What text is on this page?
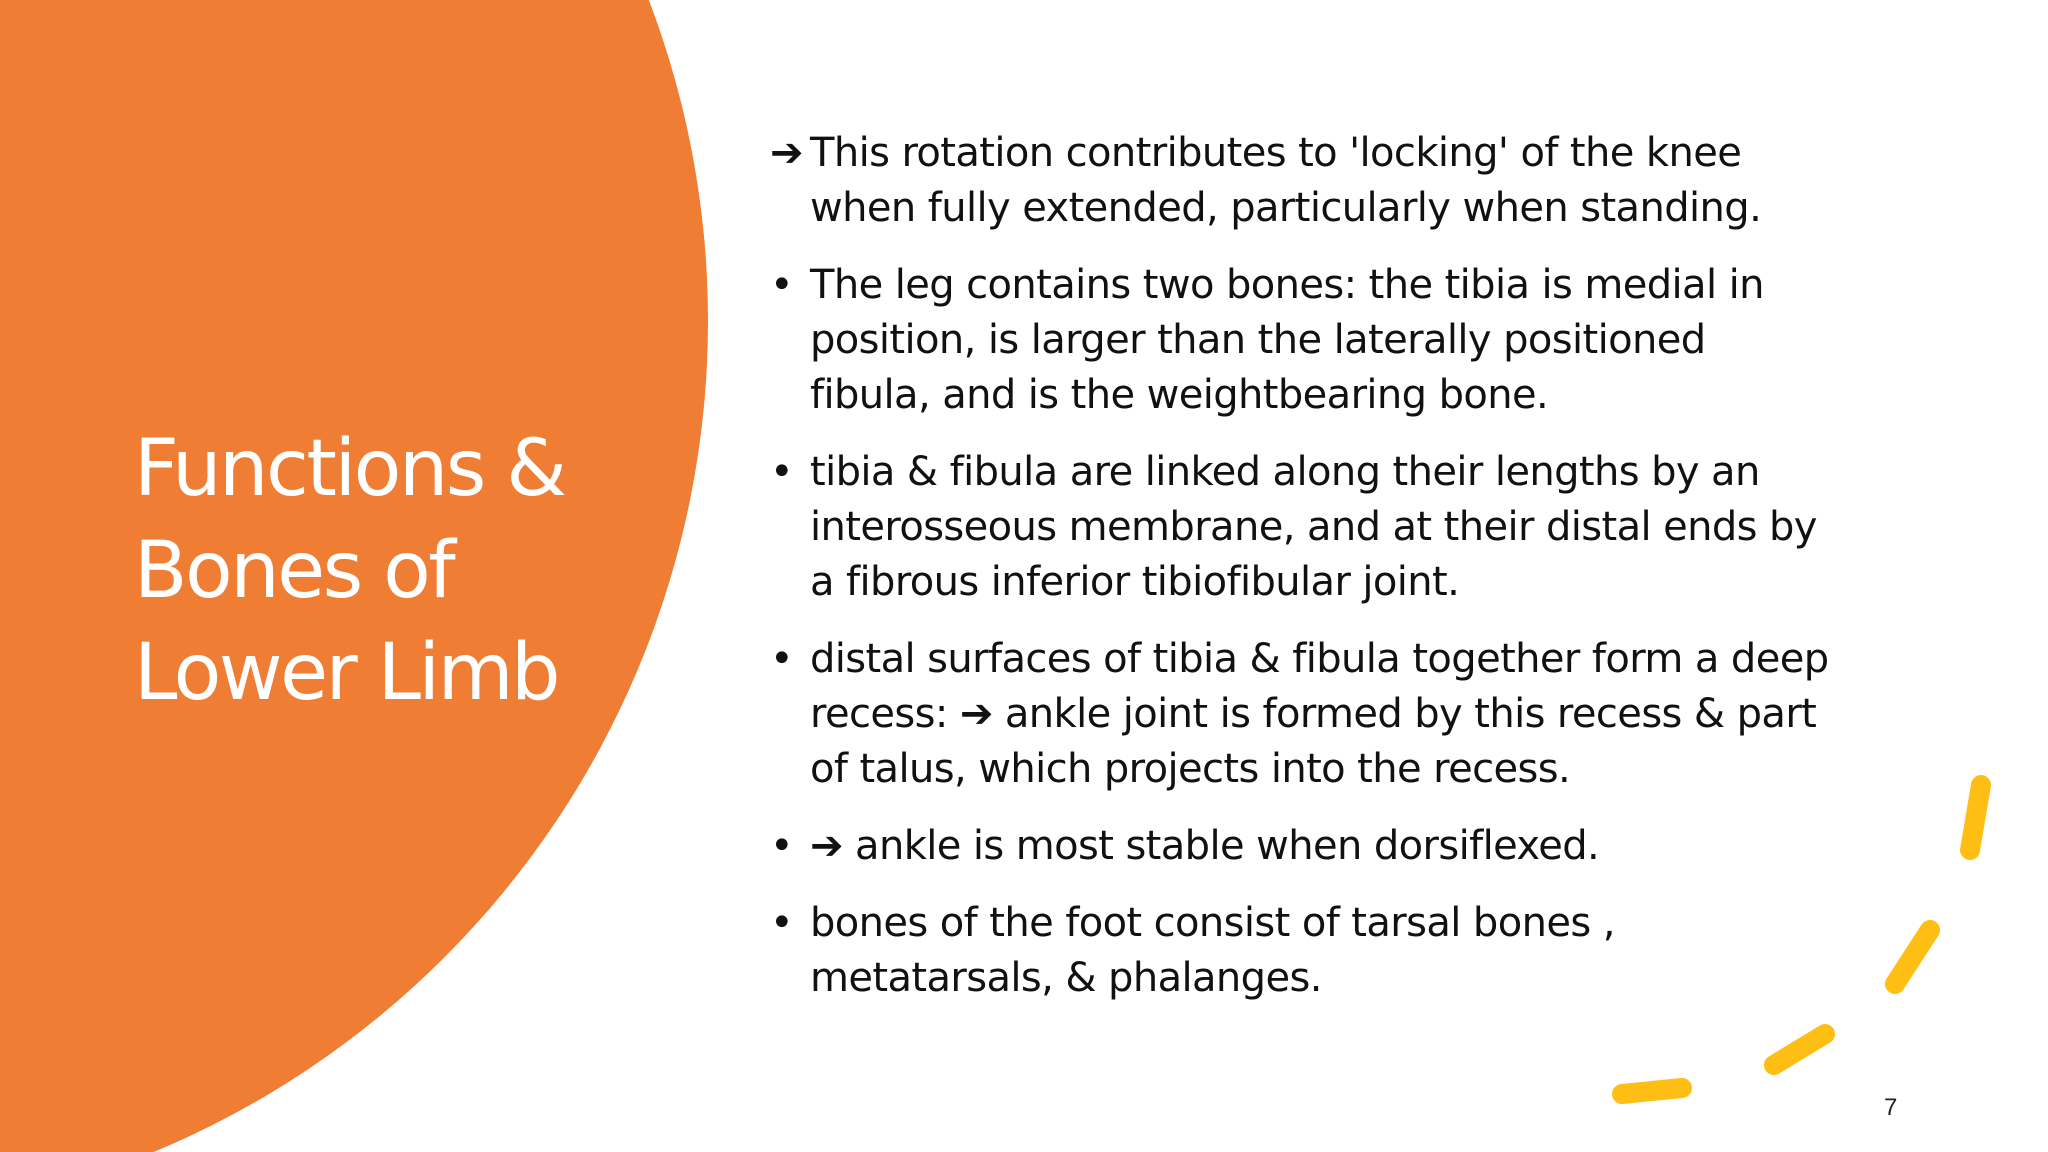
Functions &
Bones of
Lower Limb
➔ This rotation contributes to 'locking' of the knee
when fully extended, particularly when standing.
• The leg contains two bones: the tibia is medial in
position, is larger than the laterally positioned
fibula, and is the weightbearing bone.
• tibia & fibula are linked along their lengths by an
interosseous membrane, and at their distal ends by
a fibrous inferior tibiofibular joint.
• distal surfaces of tibia & fibula together form a deep
recess: ➔ ankle joint is formed by this recess & part
of talus, which projects into the recess.
• ➔ ankle is most stable when dorsiflexed.
• bones of the foot consist of tarsal bones ,
metatarsals, & phalanges.
7
